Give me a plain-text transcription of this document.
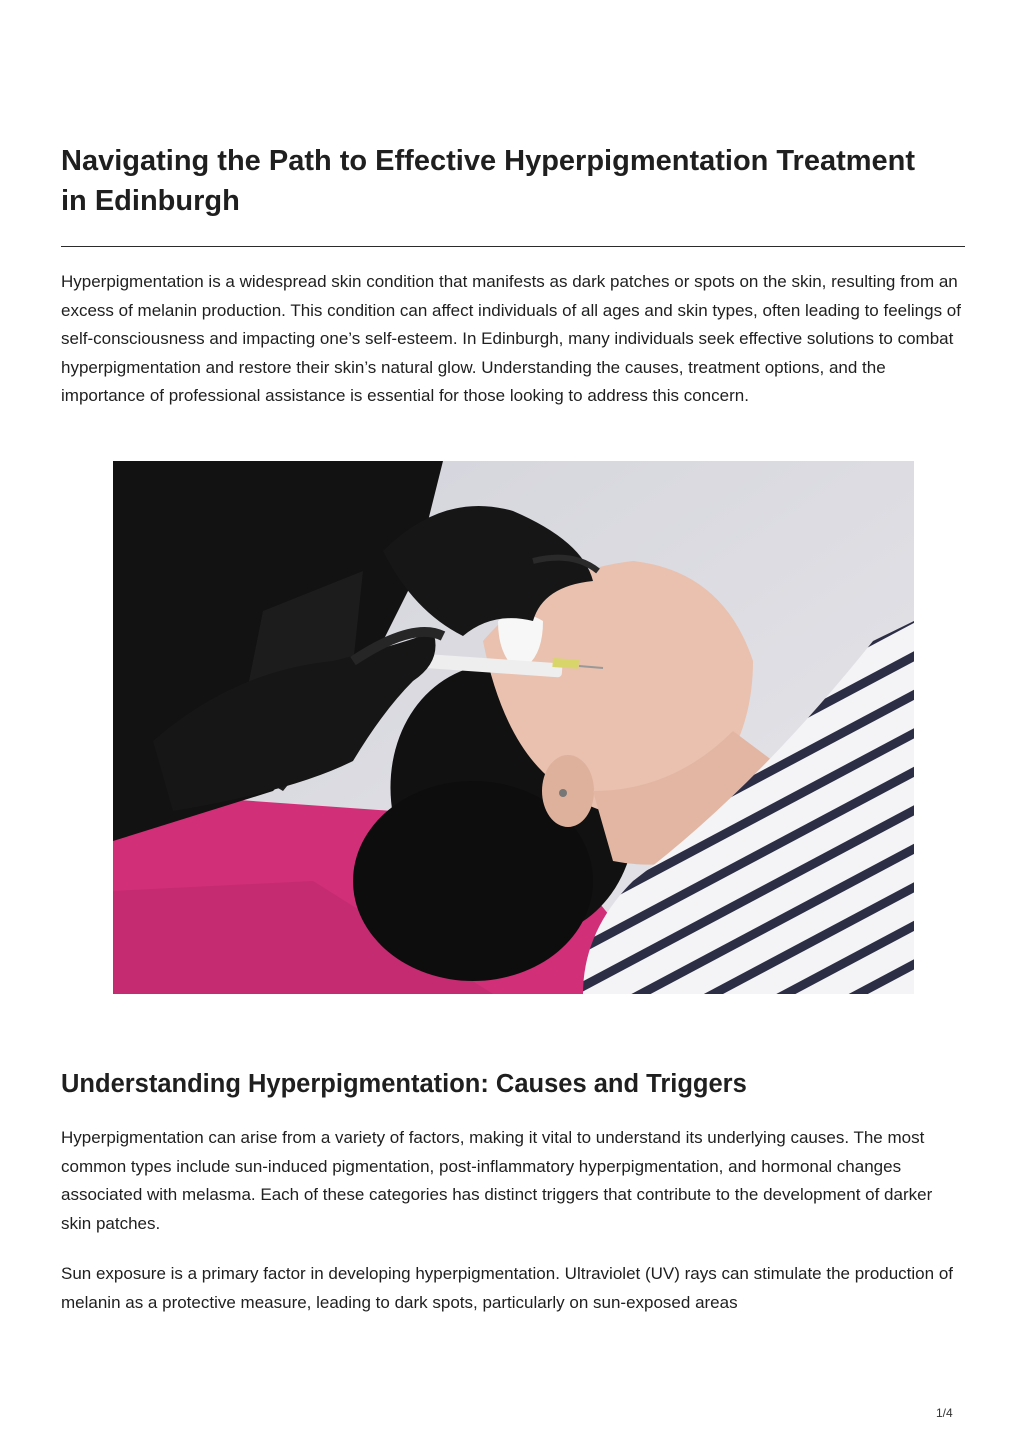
Navigating the Path to Effective Hyperpigmentation Treatment in Edinburgh

Hyperpigmentation is a widespread skin condition that manifests as dark patches or spots on the skin, resulting from an excess of melanin production. This condition can affect individuals of all ages and skin types, often leading to feelings of self-consciousness and impacting one’s self-esteem. In Edinburgh, many individuals seek effective solutions to combat hyperpigmentation and restore their skin’s natural glow. Understanding the causes, treatment options, and the importance of professional assistance is essential for those looking to address this concern.

Understanding Hyperpigmentation: Causes and Triggers

Hyperpigmentation can arise from a variety of factors, making it vital to understand its underlying causes. The most common types include sun-induced pigmentation, post-inflammatory hyperpigmentation, and hormonal changes associated with melasma. Each of these categories has distinct triggers that contribute to the development of darker skin patches.

Sun exposure is a primary factor in developing hyperpigmentation. Ultraviolet (UV) rays can stimulate the production of melanin as a protective measure, leading to dark spots, particularly on sun-exposed areas

1/4
